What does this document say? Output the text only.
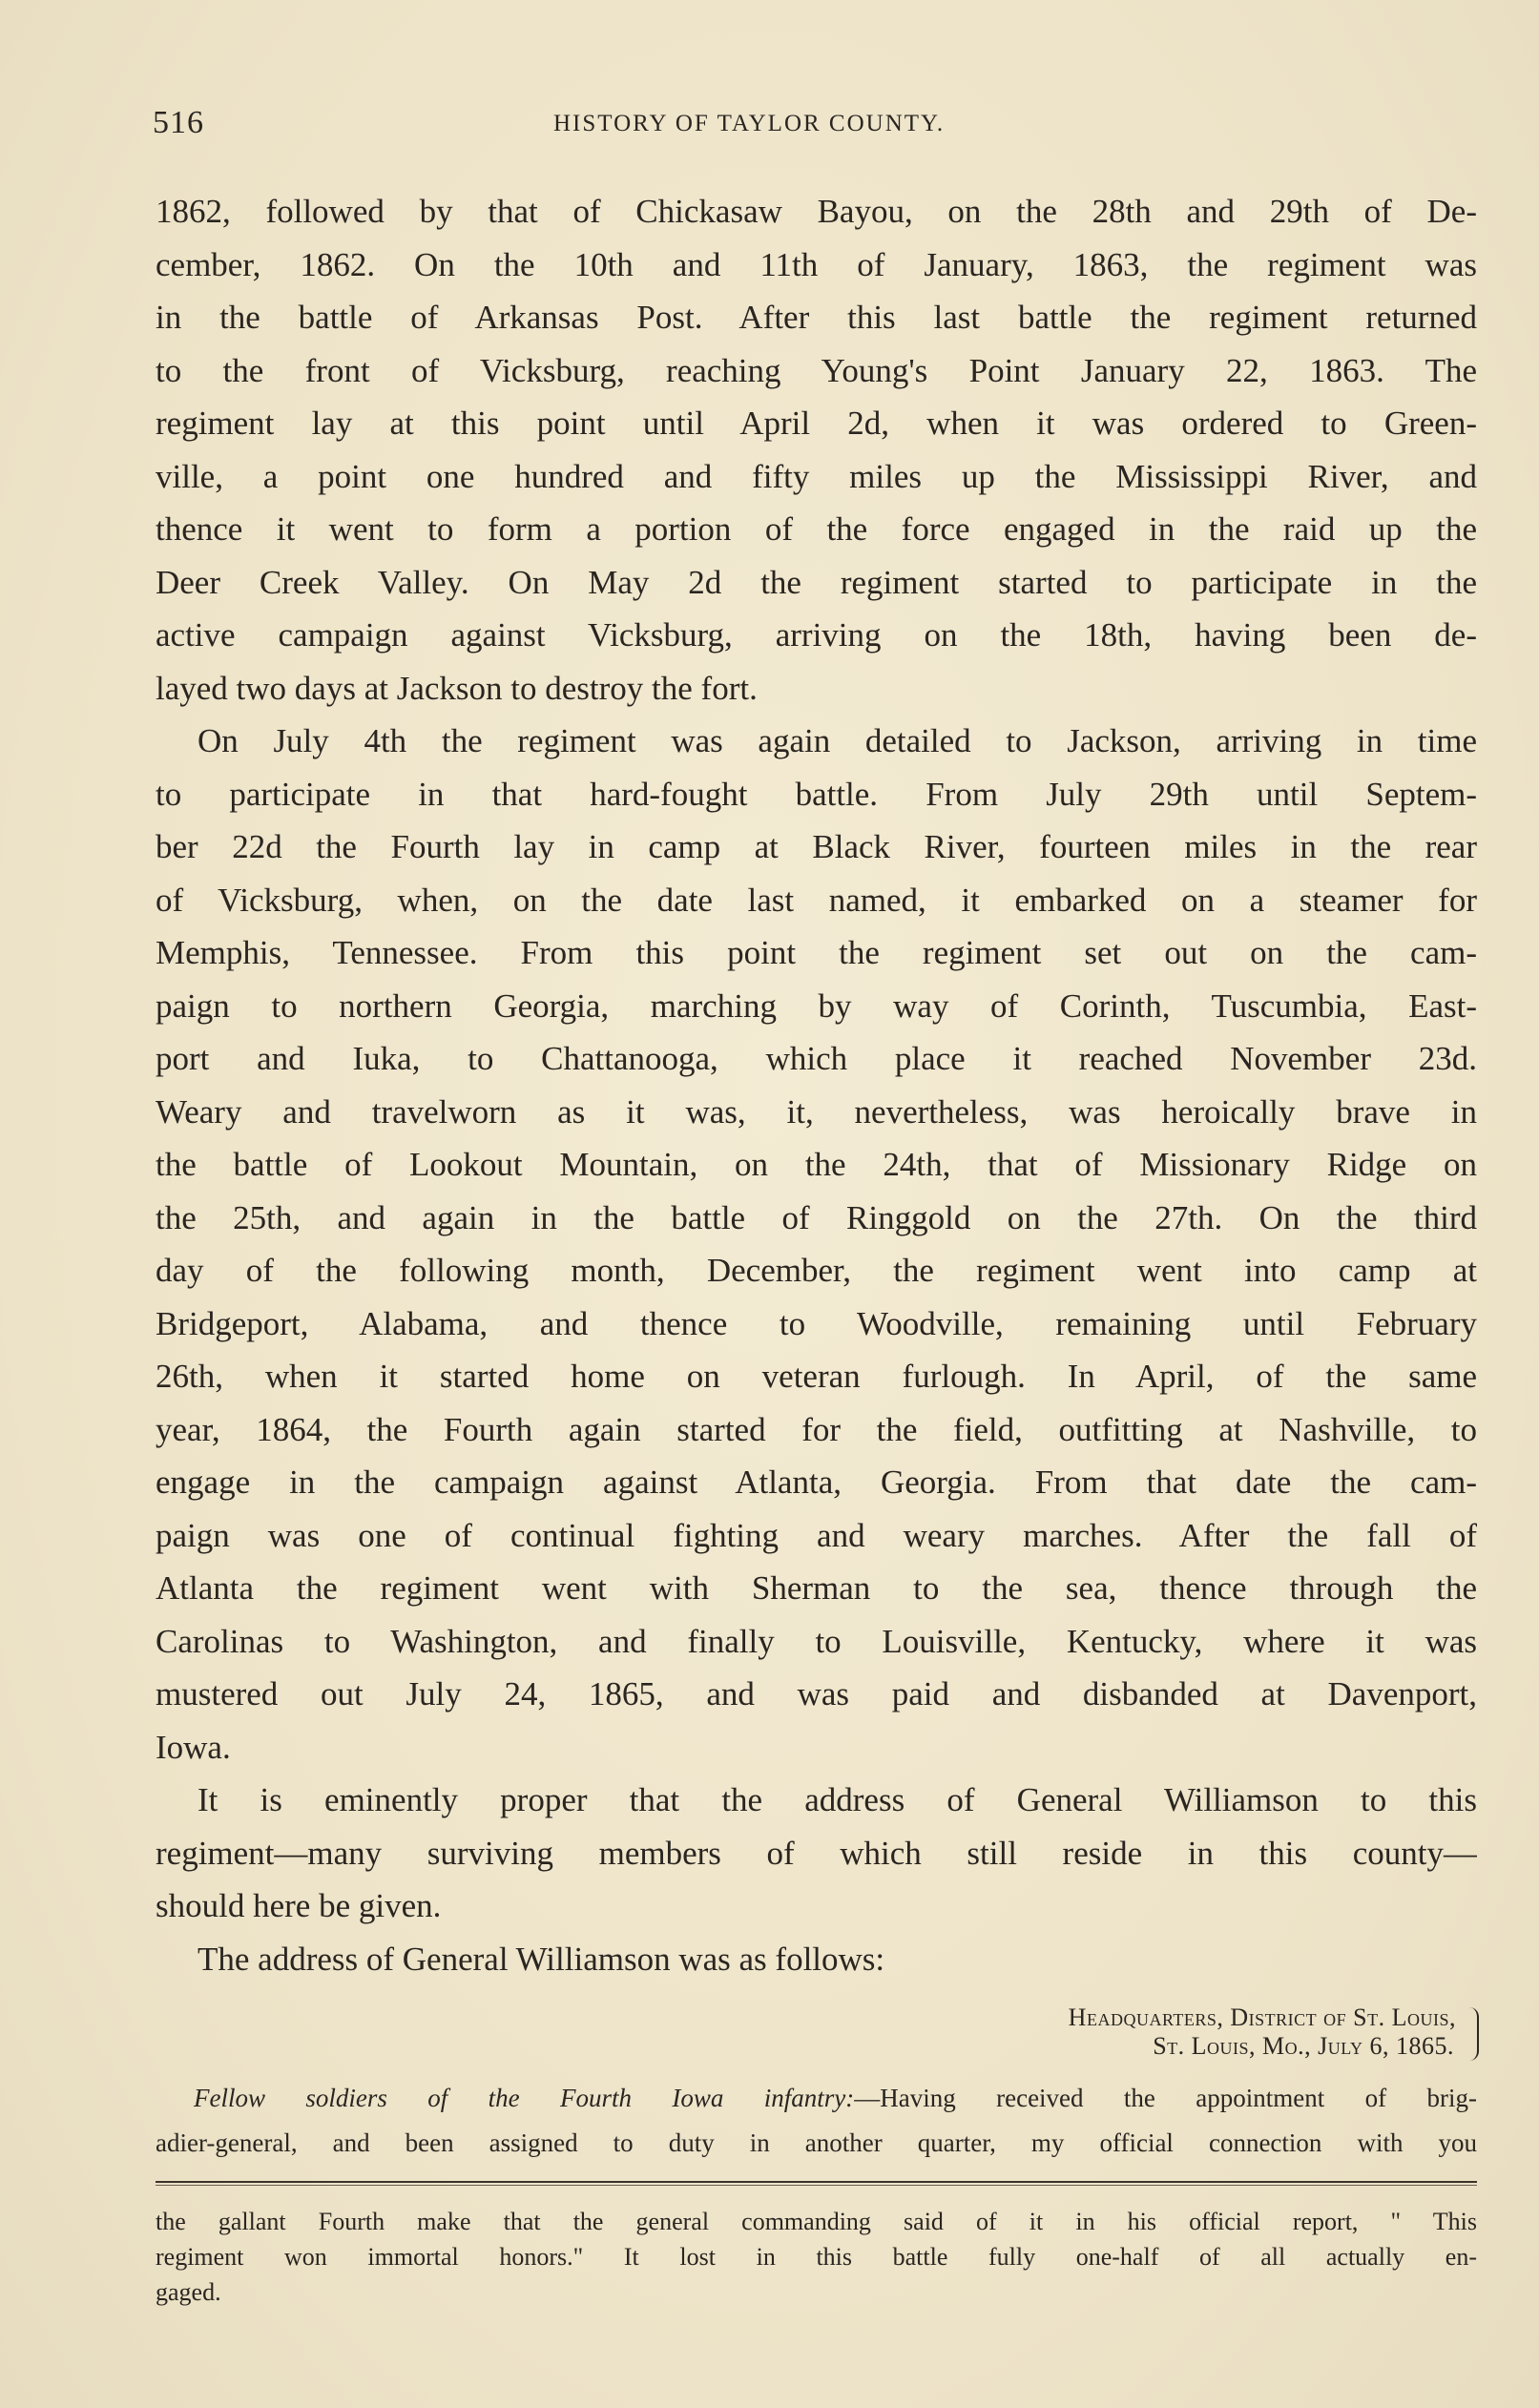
516	HISTORY OF TAYLOR COUNTY.
1862, followed by that of Chickasaw Bayou, on the 28th and 29th of De-
cember, 1862. On the 10th and 11th of January, 1863, the regiment was
in the battle of Arkansas Post. After this last battle the regiment returned
to the front of Vicksburg, reaching Young's Point January 22, 1863. The
regiment lay at this point until April 2d, when it was ordered to Green-
ville, a point one hundred and fifty miles up the Mississippi River, and
thence it went to form a portion of the force engaged in the raid up the
Deer Creek Valley. On May 2d the regiment started to participate in the
active campaign against Vicksburg, arriving on the 18th, having been de-
layed two days at Jackson to destroy the fort.
On July 4th the regiment was again detailed to Jackson, arriving in time
to participate in that hard-fought battle. From July 29th until Septem-
ber 22d the Fourth lay in camp at Black River, fourteen miles in the rear
of Vicksburg, when, on the date last named, it embarked on a steamer for
Memphis, Tennessee. From this point the regiment set out on the cam-
paign to northern Georgia, marching by way of Corinth, Tuscumbia, East-
port and Iuka, to Chattanooga, which place it reached November 23d.
Weary and travelworn as it was, it, nevertheless, was heroically brave in
the battle of Lookout Mountain, on the 24th, that of Missionary Ridge on
the 25th, and again in the battle of Ringgold on the 27th. On the third
day of the following month, December, the regiment went into camp at
Bridgeport, Alabama, and thence to Woodville, remaining until February
26th, when it started home on veteran furlough. In April, of the same
year, 1864, the Fourth again started for the field, outfitting at Nashville, to
engage in the campaign against Atlanta, Georgia. From that date the cam-
paign was one of continual fighting and weary marches. After the fall of
Atlanta the regiment went with Sherman to the sea, thence through the
Carolinas to Washington, and finally to Louisville, Kentucky, where it was
mustered out July 24, 1865, and was paid and disbanded at Davenport,
Iowa.
It is eminently proper that the address of General Williamson to this
regiment—many surviving members of which still reside in this county—
should here be given.
The address of General Williamson was as follows:
Headquarters, District of St. Louis,
St. Louis, Mo., July 6, 1865.
Fellow soldiers of the Fourth Iowa infantry:—Having received the appointment of brig-
adier-general, and been assigned to duty in another quarter, my official connection with you
the gallant Fourth make that the general commanding said of it in his official report, " This
regiment won immortal honors." It lost in this battle fully one-half of all actually en-
gaged.
